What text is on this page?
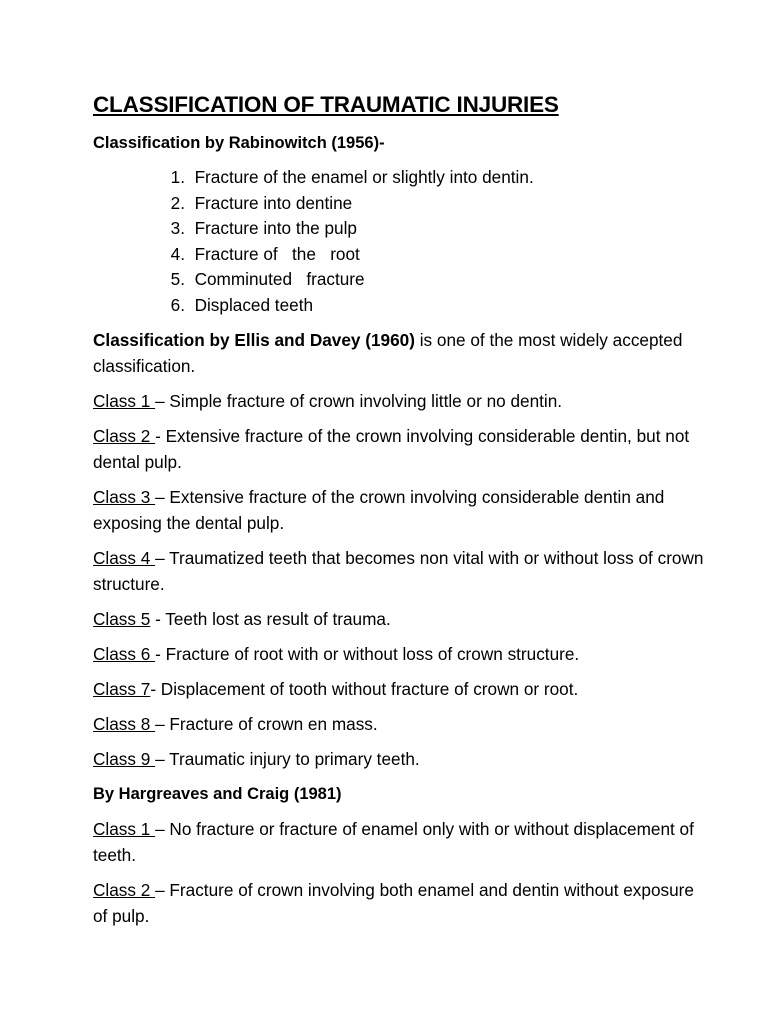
CLASSIFICATION OF TRAUMATIC INJURIES

Classification by Rabinowitch (1956)-

1. Fracture of the enamel or slightly into dentin.
2. Fracture into dentine
3. Fracture into the pulp
4. Fracture of   the   root
5. Comminuted   fracture
6. Displaced teeth

Classification by Ellis and Davey (1960) is one of the most widely accepted classification.

Class 1 – Simple fracture of crown involving little or no dentin.

Class 2 - Extensive fracture of the crown involving considerable dentin, but not dental pulp.

Class 3 – Extensive fracture of the crown involving considerable dentin and exposing the dental pulp.

Class 4 – Traumatized teeth that becomes non vital with or without loss of crown structure.

Class 5 - Teeth lost as result of trauma.

Class 6 - Fracture of root with or without loss of crown structure.

Class 7- Displacement of tooth without fracture of crown or root.

Class 8 – Fracture of crown en mass.

Class 9 – Traumatic injury to primary teeth.

By Hargreaves and Craig (1981)

Class 1 – No fracture or fracture of enamel only with or without displacement of teeth.

Class 2 – Fracture of crown involving both enamel and dentin without exposure of pulp.
